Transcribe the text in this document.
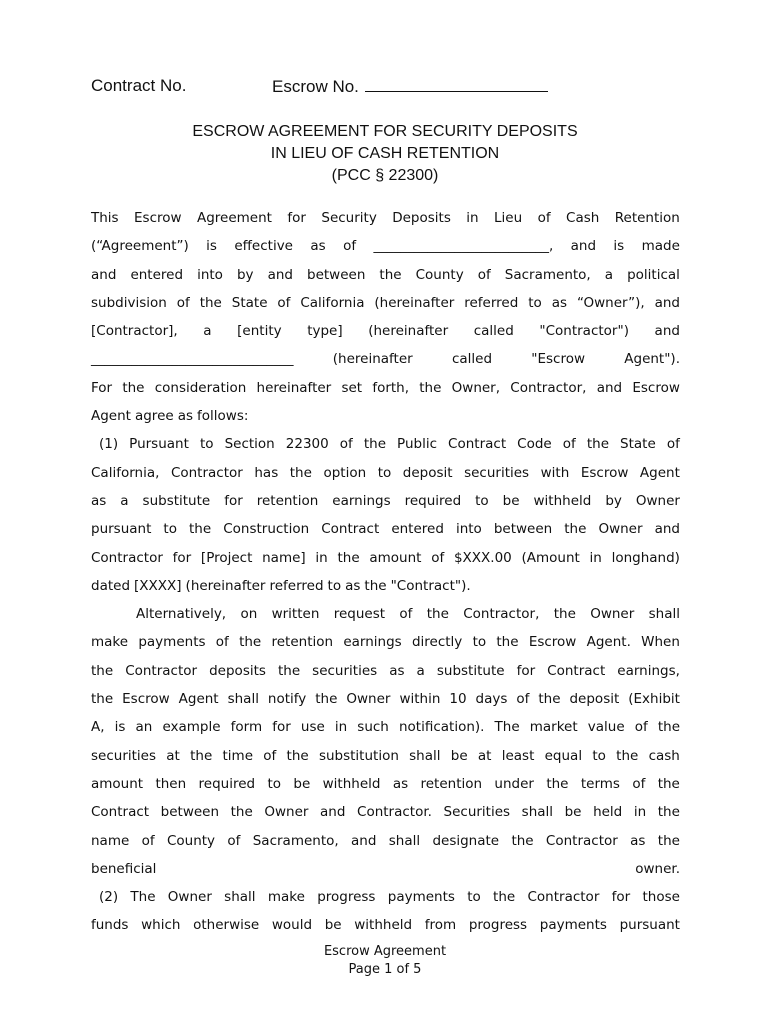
Contract No.	Escrow No.
ESCROW AGREEMENT FOR SECURITY DEPOSITS
IN LIEU OF CASH RETENTION
(PCC § 22300)
This Escrow Agreement for Security Deposits in Lieu of Cash Retention
(“Agreement”) is effective as of __________________________, and is made
and entered into by and between the County of Sacramento, a political
subdivision of the State of California (hereinafter referred to as “Owner”), and
[Contractor], a [entity type] (hereinafter called "Contractor") and
______________________________	(hereinafter	called	"Escrow	Agent").
For the consideration hereinafter set forth, the Owner, Contractor, and Escrow
Agent agree as follows:
(1) Pursuant to Section 22300 of the Public Contract Code of the State of
California, Contractor has the option to deposit securities with Escrow Agent
as a substitute for retention earnings required to be withheld by Owner
pursuant to the Construction Contract entered into between the Owner and
Contractor for [Project name] in the amount of $XXX.00 (Amount in longhand)
dated [XXXX] (hereinafter referred to as the "Contract").
Alternatively, on written request of the Contractor, the Owner shall
make payments of the retention earnings directly to the Escrow Agent. When
the Contractor deposits the securities as a substitute for Contract earnings,
the Escrow Agent shall notify the Owner within 10 days of the deposit (Exhibit
A, is an example form for use in such notification). The market value of the
securities at the time of the substitution shall be at least equal to the cash
amount then required to be withheld as retention under the terms of the
Contract between the Owner and Contractor. Securities shall be held in the
name of County of Sacramento, and shall designate the Contractor as the
beneficial	owner.
(2) The Owner shall make progress payments to the Contractor for those
funds which otherwise would be withheld from progress payments pursuant
Escrow Agreement
Page 1 of 5
